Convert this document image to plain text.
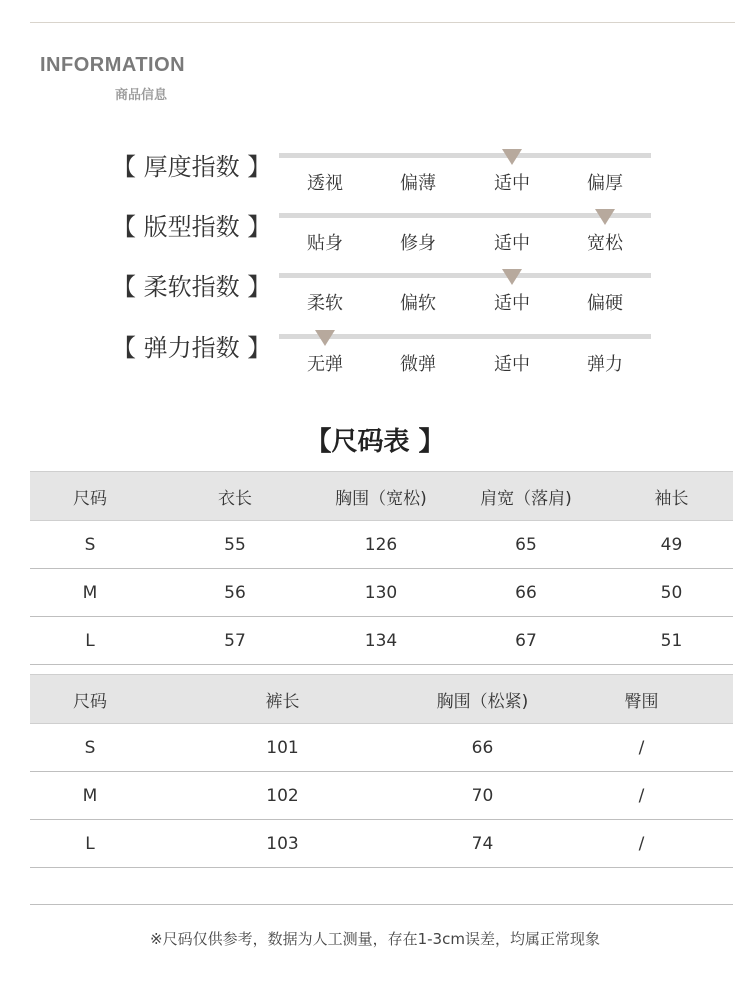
INFORMATION
商品信息
【 厚度指数 】
透视	偏薄	适中	偏厚
【 版型指数 】
贴身	修身	适中	宽松
【 柔软指数 】
柔软	偏软	适中	偏硬
【 弹力指数 】
无弹	微弹	适中	弹力
【尺码表 】
尺码	衣长	胸围（宽松)	肩宽（落肩)	袖长
S	55	126	65	49
M	56	130	66	50
L	57	134	67	51
尺码	裤长	胸围（松紧)	臀围
S	101	66	/
M	102	70	/
L	103	74	/
※尺码仅供参考，数据为人工测量，存在1-3cm误差，均属正常现象
